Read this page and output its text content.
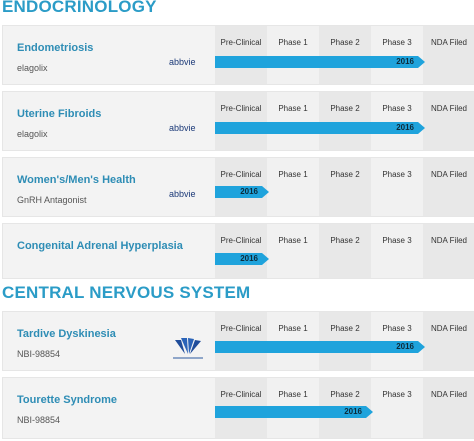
ENDOCRINOLOGY
Pre-Clinical	Phase 1	Phase 2	Phase 3	NDA Filed
Endometriosis
elagolix
abbvie	2016
Pre-Clinical	Phase 1	Phase 2	Phase 3	NDA Filed
Uterine Fibroids
elagolix
abbvie	2016
Pre-Clinical	Phase 1	Phase 2	Phase 3	NDA Filed
Women's/Men's Health
GnRH Antagonist
abbvie	2016
Pre-Clinical	Phase 1	Phase 2	Phase 3	NDA Filed
Congenital Adrenal Hyperplasia
2016
CENTRAL NERVOUS SYSTEM
Pre-Clinical	Phase 1	Phase 2	Phase 3	NDA Filed
Tardive Dyskinesia
NBI-98854
2016
Pre-Clinical	Phase 1	Phase 2	Phase 3	NDA Filed
Tourette Syndrome
NBI-98854
2016
